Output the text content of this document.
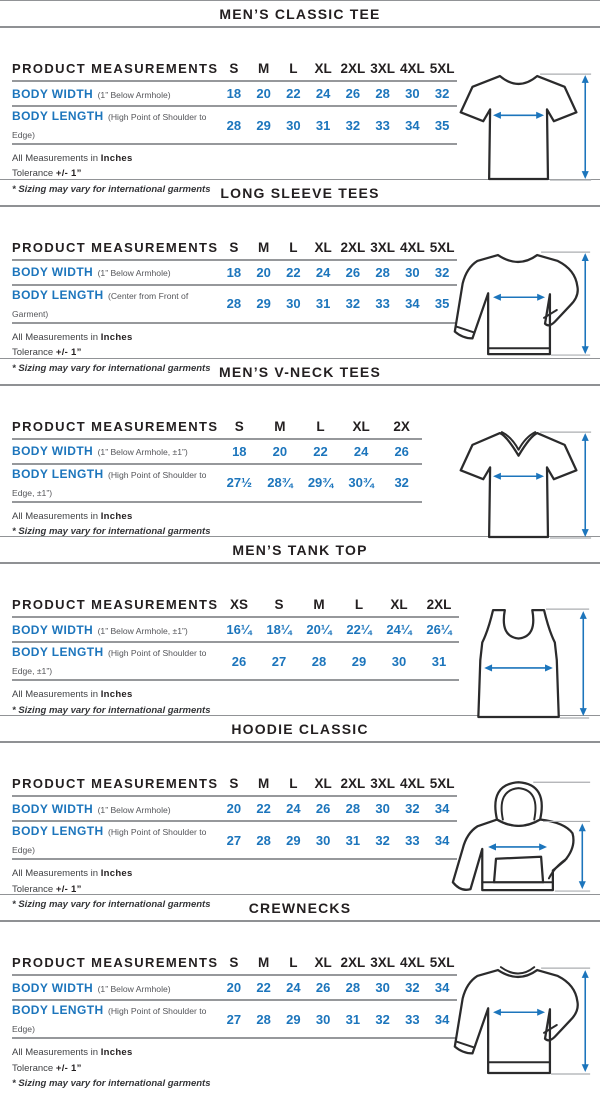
MEN’S CLASSIC TEE
PRODUCT MEASUREMENTS	S	M	L	XL	2XL	3XL	4XL	5XL
BODY WIDTH (1” Below Armhole)	18	20	22	24	26	28	30	32
BODY LENGTH (High Point of Shoulder to Edge)	28	29	30	31	32	33	34	35

All Measurements in Inches

Tolerance +/- 1”

* Sizing may vary for international garments LONG SLEEVE TEES
PRODUCT MEASUREMENTS	S	M	L	XL	2XL	3XL	4XL	5XL
BODY WIDTH (1” Below Armhole)	18	20	22	24	26	28	30	32
BODY LENGTH (Center from Front of Garment)	28	29	30	31	32	33	34	35

All Measurements in Inches

Tolerance +/- 1”

* Sizing may vary for international garments MEN’S V-NECK TEES
PRODUCT MEASUREMENTS	S	M	L	XL	2X
BODY WIDTH (1” Below Armhole, ±1”)	18	20	22	24	26
BODY LENGTH (High Point of Shoulder to Edge, ±1”)	27½	28¾	29¾	30¾	32

All Measurements in Inches

* Sizing may vary for international garments

MEN’S TANK TOP
PRODUCT MEASUREMENTS	XS	S	M	L	XL	2XL
BODY WIDTH (1” Below Armhole, ±1”)	16¼	18¼	20¼	22¼	24¼	26¼
BODY LENGTH (High Point of Shoulder to Edge, ±1”)	26	27	28	29	30	31

All Measurements in Inches

* Sizing may vary for international garments

HOODIE CLASSIC
PRODUCT MEASUREMENTS	S	M	L	XL	2XL	3XL	4XL	5XL
BODY WIDTH (1” Below Armhole)	20	22	24	26	28	30	32	34
BODY LENGTH (High Point of Shoulder to Edge)	27	28	29	30	31	32	33	34

All Measurements in Inches

Tolerance +/- 1”

* Sizing may vary for international garments	CREWNECKS
PRODUCT MEASUREMENTS	S	M	L	XL	2XL	3XL	4XL	5XL
BODY WIDTH (1” Below Armhole)	20	22	24	26	28	30	32	34
BODY LENGTH (High Point of Shoulder to Edge)	27	28	29	30	31	32	33	34

All Measurements in Inches

Tolerance +/- 1”

* Sizing may vary for international garments
